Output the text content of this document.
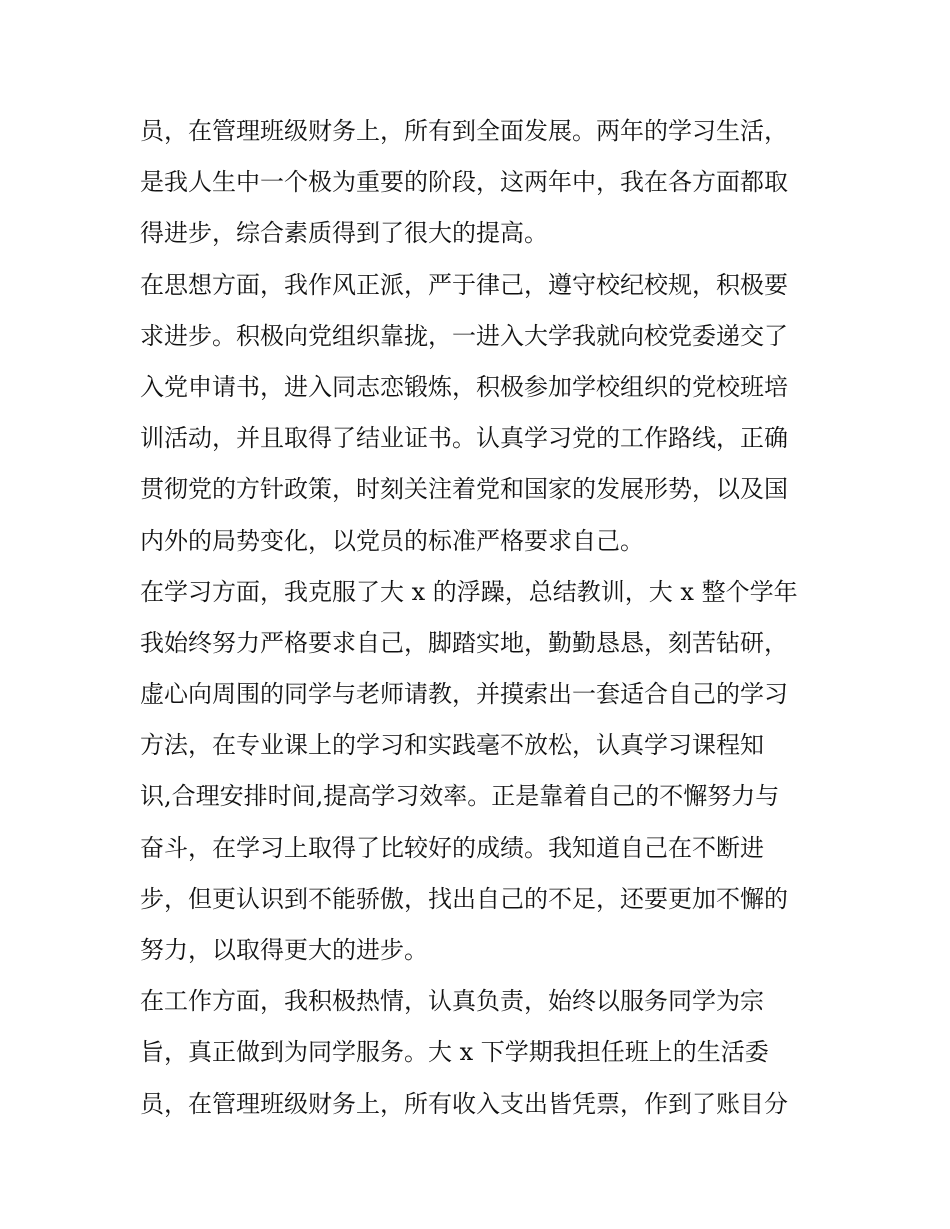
员，在管理班级财务上，所有到全面发展。两年的学习生活，
是我人生中一个极为重要的阶段，这两年中，我在各方面都取
得进步，综合素质得到了很大的提高。
在思想方面，我作风正派，严于律己，遵守校纪校规，积极要
求进步。积极向党组织靠拢，一进入大学我就向校党委递交了
入党申请书，进入同志恋锻炼，积极参加学校组织的党校班培
训活动，并且取得了结业证书。认真学习党的工作路线，正确
贯彻党的方针政策，时刻关注着党和国家的发展形势，以及国
内外的局势变化，以党员的标准严格要求自己。
在学习方面，我克服了大 x 的浮躁，总结教训，大 x 整个学年
我始终努力严格要求自己，脚踏实地，勤勤恳恳，刻苦钻研，
虚心向周围的同学与老师请教，并摸索出一套适合自己的学习
方法，在专业课上的学习和实践毫不放松，认真学习课程知
识,合理安排时间,提高学习效率。正是靠着自己的不懈努力与
奋斗，在学习上取得了比较好的成绩。我知道自己在不断进
步，但更认识到不能骄傲，找出自己的不足，还要更加不懈的
努力，以取得更大的进步。
在工作方面，我积极热情，认真负责，始终以服务同学为宗
旨，真正做到为同学服务。大 x 下学期我担任班上的生活委
员，在管理班级财务上，所有收入支出皆凭票，作到了账目分
